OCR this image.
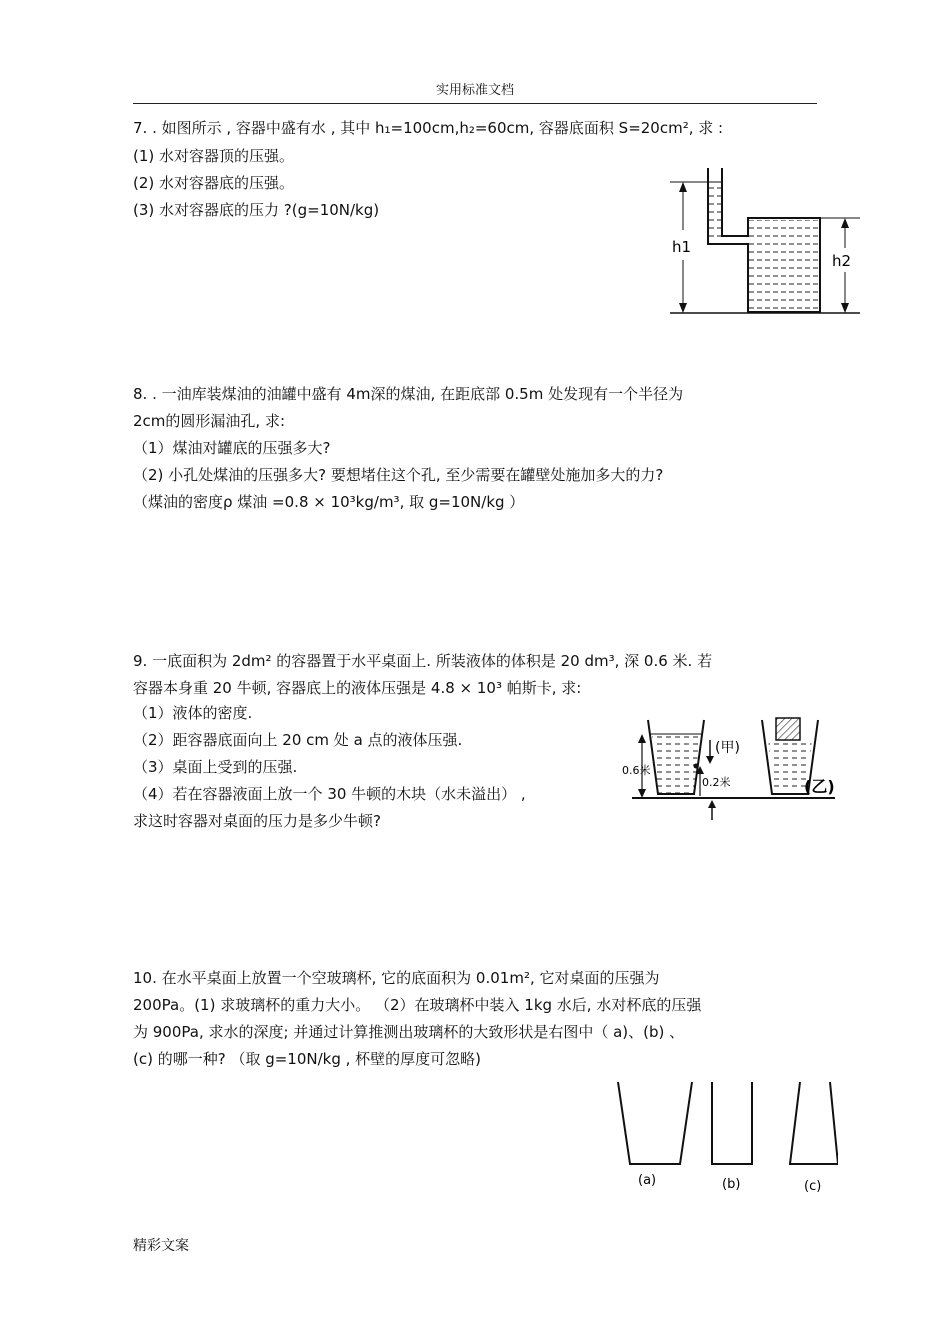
实用标准文档
7. . 如图所示 , 容器中盛有水 , 其中 h₁=100cm,h₂=60cm, 容器底面积 S=20cm², 求 :
(1) 水对容器顶的压强。
(2) 水对容器底的压强。
(3) 水对容器底的压力 ?(g=10N/kg)
h1
h2
8. . 一油库装煤油的油罐中盛有 4m深的煤油, 在距底部 0.5m 处发现有一个半径为
2cm的圆形漏油孔, 求:
（1）煤油对罐底的压强多大?
（2) 小孔处煤油的压强多大? 要想堵住这个孔, 至少需要在罐壁处施加多大的力?
（煤油的密度ρ 煤油 =0.8 × 10³kg/m³, 取 g=10N/kg ）
9. 一底面积为 2dm² 的容器置于水平桌面上. 所装液体的体积是 20 dm³, 深 0.6 米. 若
容器本身重 20 牛顿, 容器底上的液体压强是 4.8 × 10³ 帕斯卡, 求:
（1）液体的密度.
（2）距容器底面向上 20 cm 处 a 点的液体压强.
（3）桌面上受到的压强.
（4）若在容器液面上放一个 30 牛顿的木块（水未溢出） ,
求这时容器对桌面的压力是多少牛顿?
0.6米
0.2米
(甲)
(乙)
10. 在水平桌面上放置一个空玻璃杯, 它的底面积为 0.01m², 它对桌面的压强为
200Pa。(1) 求玻璃杯的重力大小。 （2）在玻璃杯中装入 1kg 水后, 水对杯底的压强
为 900Pa, 求水的深度; 并通过计算推测出玻璃杯的大致形状是右图中（ a)、(b) 、
(c) 的哪一种? （取 g=10N/kg , 杯壁的厚度可忽略)
(a)	(b)	(c)
精彩文案
